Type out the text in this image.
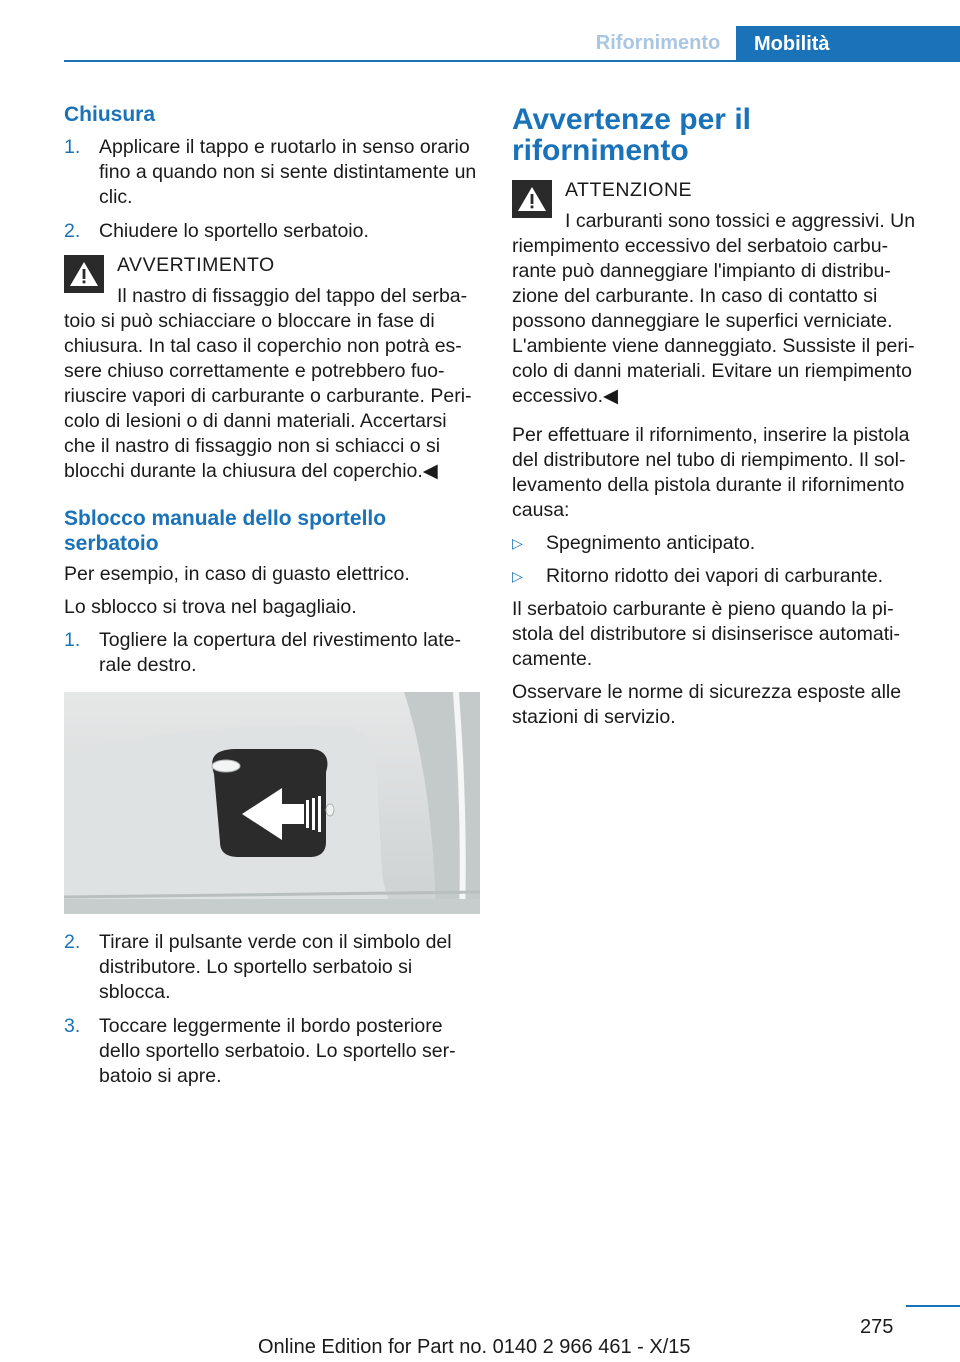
Rifornimento	Mobilità
Chiusura
1. Applicare il tappo e ruotarlo in senso orario fino a quando non si sente distintamente un clic.
2. Chiudere lo sportello serbatoio.
AVVERTIMENTO
Il nastro di fissaggio del tappo del serba-
toio si può schiacciare o bloccare in fase di chiusura. In tal caso il coperchio non potrà es-sere chiuso correttamente e potrebbero fuo-riuscire vapori di carburante o carburante. Peri-colo di lesioni o di danni materiali. Accertarsi che il nastro di fissaggio non si schiacci o si blocchi durante la chiusura del coperchio.◀
Sblocco manuale dello sportello serbatoio

Per esempio, in caso di guasto elettrico.

Lo sblocco si trova nel bagagliaio.

1. Togliere la copertura del rivestimento late-rale destro.
2. Tirare il pulsante verde con il simbolo del distributore. Lo sportello serbatoio si sblocca.
3. Toccare leggermente il bordo posteriore dello sportello serbatoio. Lo sportello ser-batoio si apre.
Avvertenze per il rifornimento
ATTENZIONE
I carburanti sono tossici e aggressivi. Un
riempimento eccessivo del serbatoio carbu-rante può danneggiare l'impianto di distribu-zione del carburante. In caso di contatto si possono danneggiare le superfici verniciate. L'ambiente viene danneggiato. Sussiste il peri-colo di danni materiali. Evitare un riempimento eccessivo.◀

Per effettuare il rifornimento, inserire la pistola del distributore nel tubo di riempimento. Il sol-levamento della pistola durante il rifornimento causa:

▷	Spegnimento anticipato.
▷	Ritorno ridotto dei vapori di carburante.

Il serbatoio carburante è pieno quando la pi-stola del distributore si disinserisce automati-camente.

Osservare le norme di sicurezza esposte alle stazioni di servizio.

275
Online Edition for Part no. 0140 2 966 461 - X/15
